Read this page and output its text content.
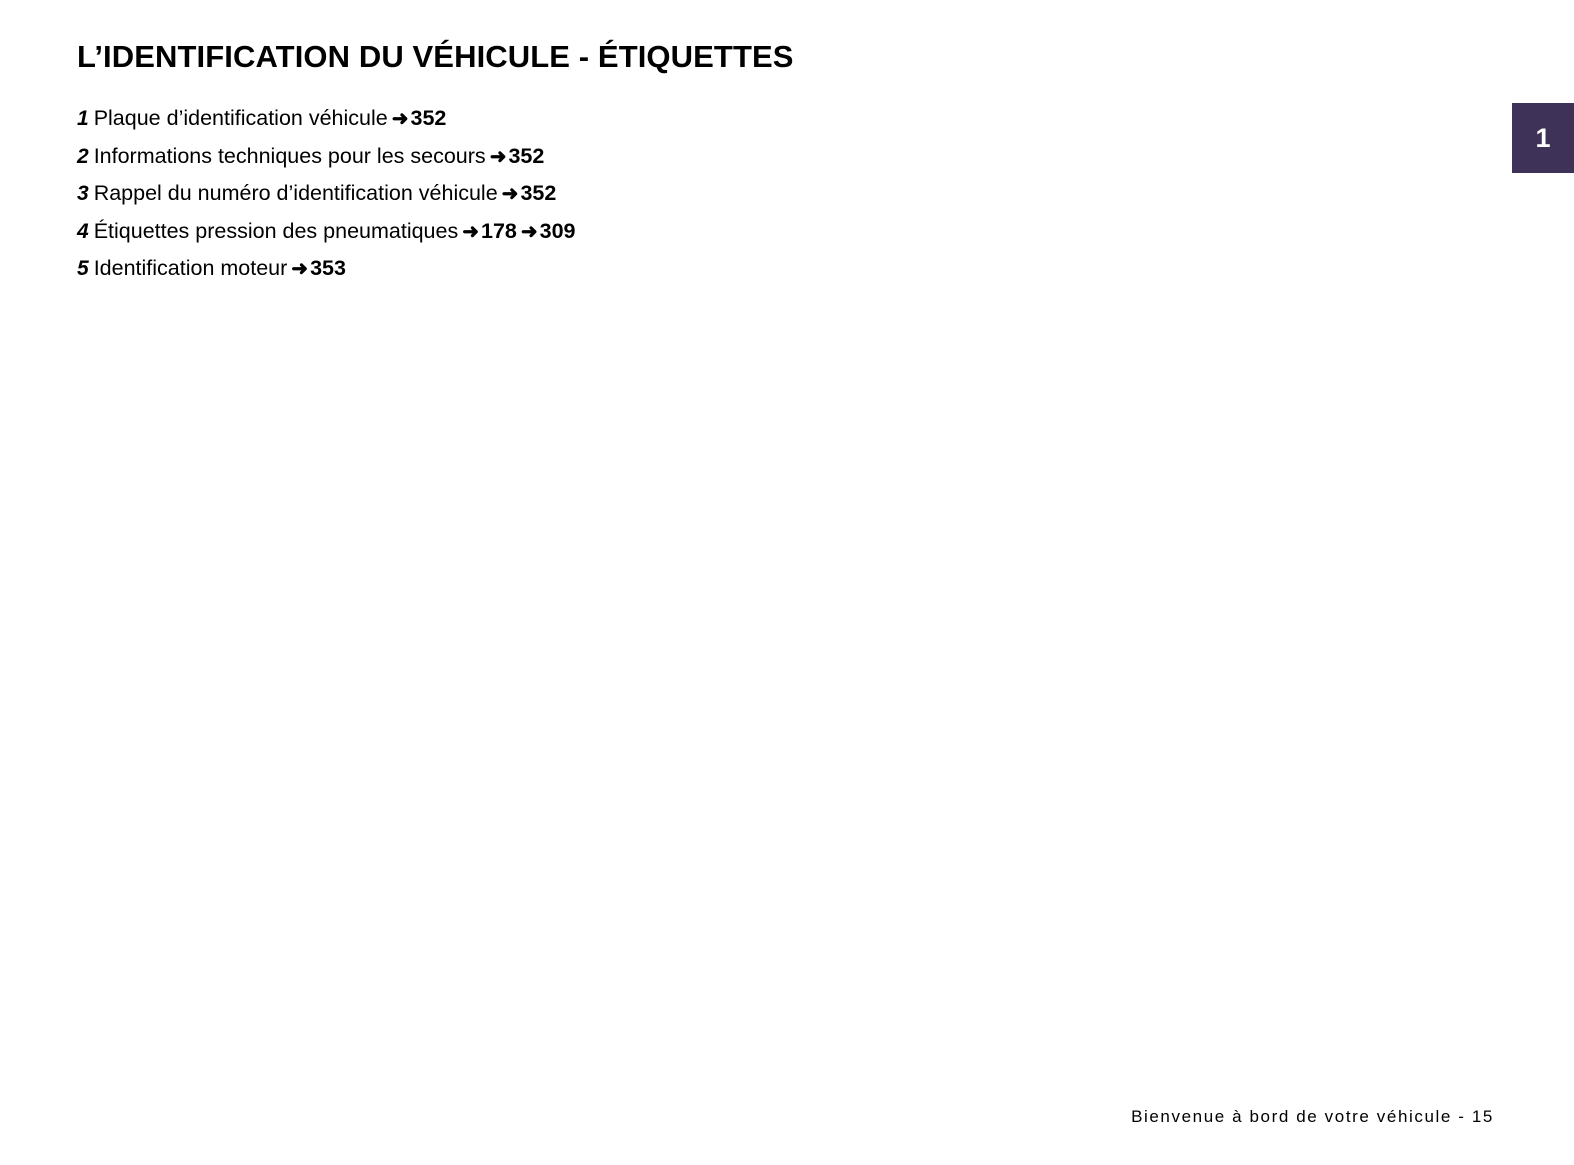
1
L’IDENTIFICATION DU VÉHICULE - ÉTIQUETTES
1 Plaque d’identification véhicule ➜352
2 Informations techniques pour les secours ➜352
3 Rappel du numéro d’identification véhicule ➜352
4 Étiquettes pression des pneumatiques ➜178 ➜309
5 Identification moteur ➜353
Bienvenue à bord de votre véhicule - 15
